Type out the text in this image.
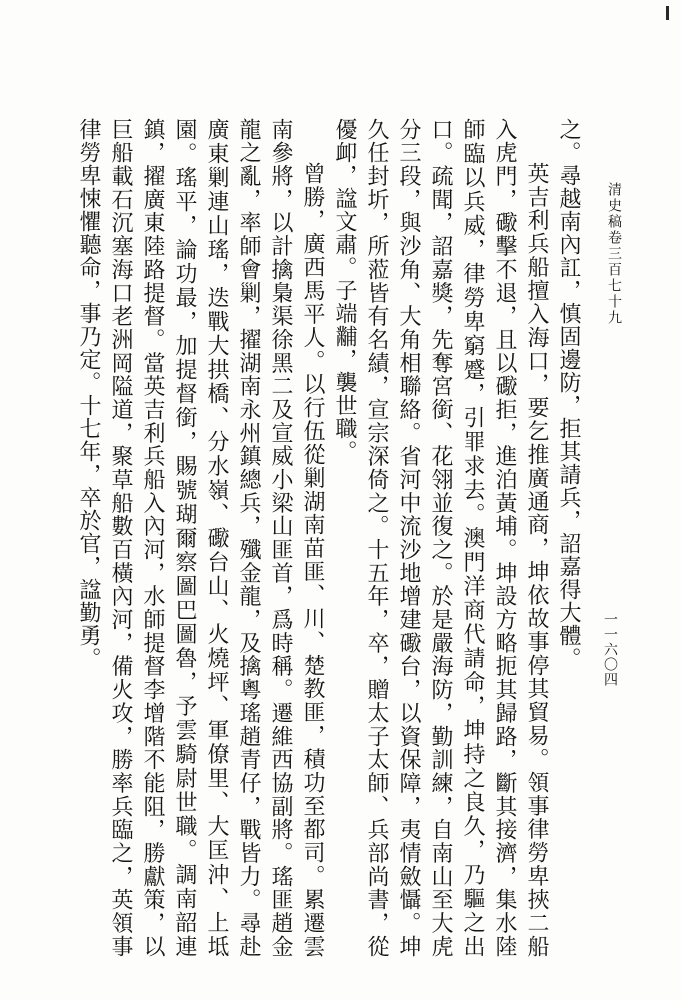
清史稿卷三百七十九
一一六〇四

之。尋越南內訌，慎固邊防，拒其請兵，詔嘉得大體。

英吉利兵船擅入海口，要乞推廣通商，坤依故事停其貿易。領事律勞卑挾二船入虎門，礮擊不退，且以礮拒，進泊黃埔。坤設方略扼其歸路，斷其接濟，集水陸師臨以兵威，律勞卑窮蹙，引罪求去。澳門洋商代請命，坤持之良久，乃驅之出口。疏聞，詔嘉獎，先奪宮銜、花翎並復之。於是嚴海防，勤訓練，自南山至大虎分三段，與沙角、大角相聯絡。省河中流沙地增建礮台，以資保障，夷情斂懾。坤久任封圻，所蒞皆有名績，宣宗深倚之。十五年，卒，贈太子太師、兵部尚書，從優卹，諡文肅。子端黼，襲世職。

曾勝，廣西馬平人。以行伍從剿湖南苗匪、川、楚教匪，積功至都司。累遷雲南參將，以計擒梟渠徐黑二及宣威小梁山匪首，爲時稱。遷維西協副將。瑤匪趙金龍之亂，率師會剿，擢湖南永州鎮總兵，殲金龍，及擒粵瑤趙青仔，戰皆力。尋赴廣東剿連山瑤，迭戰大拱橋、分水嶺、礮台山、火燒坪、軍僚里、大匡沖、上坻園。瑤平，論功最，加提督銜，賜號瑚爾察圖巴圖魯，予雲騎尉世職。調南韶連鎮，擢廣東陸路提督。當英吉利兵船入內河，水師提督李增階不能阻，勝獻策，以巨船載石沉塞海口老洲岡隘道，聚草船數百橫內河，備火攻，勝率兵臨之，英領事律勞卑悚懼聽命，事乃定。十七年，卒於官，諡勤勇。
